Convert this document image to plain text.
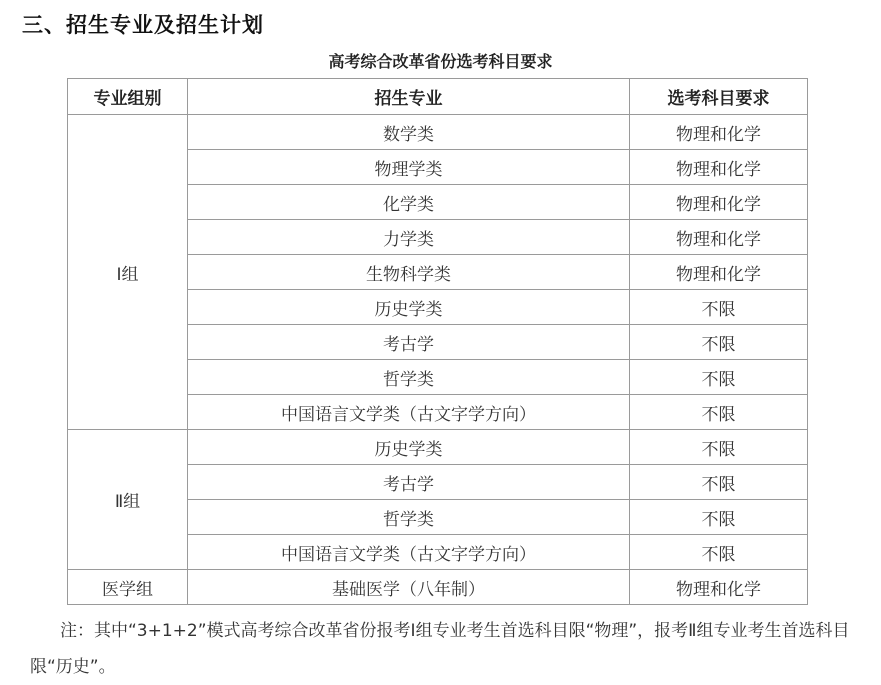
三、招生专业及招生计划
高考综合改革省份选考科目要求
专业组别	招生专业	选考科目要求
Ⅰ组	数学类	物理和化学
	物理学类	物理和化学
	化学类	物理和化学
	力学类	物理和化学
	生物科学类	物理和化学
	历史学类	不限
	考古学	不限
	哲学类	不限
	中国语言文学类（古文字学方向）	不限
Ⅱ组	历史学类	不限
	考古学	不限
	哲学类	不限
	中国语言文学类（古文字学方向）	不限
医学组	基础医学（八年制）	物理和化学
注：其中“3+1+2”模式高考综合改革省份报考Ⅰ组专业考生首选科目限“物理”，报考Ⅱ组专业考生首选科目限“历史”。
